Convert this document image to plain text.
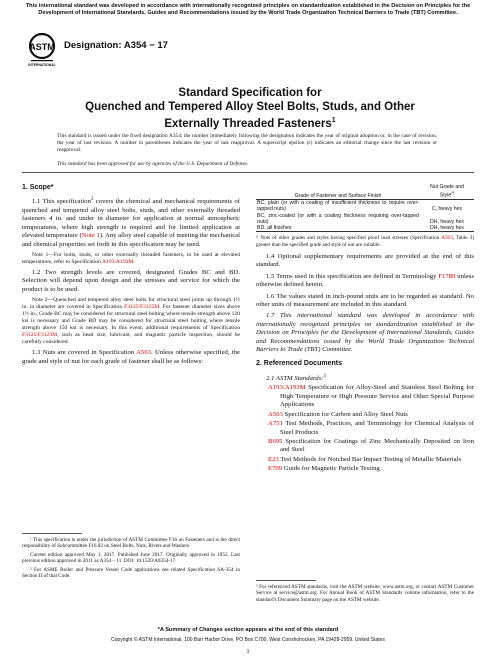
This international standard was developed in accordance with internationally recognized principles on standardization established in the Decision on Principles for the Development of International Standards, Guides and Recommendations issued by the World Trade Organization Technical Barriers to Trade (TBT) Committee.
ASTM
INTERNATIONAL
Designation: A354 − 17
Standard Specification for
Quenched and Tempered Alloy Steel Bolts, Studs, and Other
Externally Threaded Fasteners$^1$
This standard is issued under the fixed designation A354; the number immediately following the designation indicates the year of original adoption or, in the case of revision, the year of last revision. A number in parentheses indicates the year of last reapproval. A superscript epsilon (ε) indicates an editorial change since the last revision or reapproval.
This standard has been approved for use by agencies of the U.S. Department of Defense.
1. Scope*

1.1 This specification$^2$ covers the chemical and mechanical requirements of quenched and tempered alloy steel bolts, studs, and other externally threaded fasteners 4 in. and under in diameter for application at normal atmospheric temperatures, where high strength is required and for limited application at elevated temperature (Note 1). Any alloy steel capable of meeting the mechanical and chemical properties set forth in this specification may be used.

Note 1—For bolts, studs, or other externally threaded fasteners, to be used at elevated temperatures, refer to Specification A193/A193M.

1.2 Two strength levels are covered, designated Grades BC and BD. Selection will depend upon design and the stresses and service for which the product is to be used.

Note 2—Quenched and tempered alloy steel bolts for structural steel joints up through 1½ in. in diameter are covered in Specification F3125/F3125M. For fastener diameter sizes above 1½ in., Grade BC may be considered for structural steel bolting where tensile strength above 120 ksi is necessary and Grade BD may be considered for structural steel bolting where tensile strength above 150 ksi is necessary. In this event, additional requirements of Specification F3125/F3125M, such as head size, lubricant, and magnetic particle inspection, should be carefully considered.

1.3 Nuts are covered in Specification A563. Unless otherwise specified, the grade and style of nut for each grade of fastener shall be as follows:

¹ This specification is under the jurisdiction of ASTM Committee F16 on Fasteners and is the direct responsibility of Subcommittee F16.02 on Steel Bolts, Nuts, Rivets and Washers.

Current edition approved May 1, 2017. Published June 2017. Originally approved in 1952. Last previous edition approved in 2011 as A354 – 11. DOI: 10.1520/A0354-17.

² For ASME Boiler and Pressure Vessel Code applications see related Specification SA-354 in Section II of that Code.

Grade of Fastener and Surface Finish	Nut Grade and
Style$^A$
BC, plain (or with a coating of insufficient thickness to require over-tapped nuts)	C, heavy hex
BC, zinc-coated (or with a coating thickness requiring over-tapped nuts)	DH, heavy hex
BD, all finishes	DH, heavy hex
ᴬ Nuts of other grades and styles having specified proof load stresses (Specification A563, Table 3) greater than the specified grade and style of nut are suitable.

1.4 Optional supplementary requirements are provided at the end of this standard.

1.5 Terms used in this specification are defined in Terminology F1789 unless otherwise defined herein.

1.6 The values stated in inch-pound units are to be regarded as standard. No other units of measurement are included in this standard.

1.7 This international standard was developed in accordance with internationally recognized principles on standardization established in the Decision on Principles for the Development of International Standards, Guides and Recommendations issued by the World Trade Organization Technical Barriers to Trade (TBT) Committee.

2. Referenced Documents

2.1 ASTM Standards:$^3$

A193/A193M Specification for Alloy-Steel and Stainless Steel Bolting for High Temperature or High Pressure Service and Other Special Purpose Applications
A563 Specification for Carbon and Alloy Steel Nuts
A751 Test Methods, Practices, and Terminology for Chemical Analysis of Steel Products
B695 Specification for Coatings of Zinc Mechanically Deposited on Iron and Steel
E23 Test Methods for Notched Bar Impact Testing of Metallic Materials
E709 Guide for Magnetic Particle Testing
³ For referenced ASTM standards, visit the ASTM website, www.astm.org, or contact ASTM Customer Service at service@astm.org. For Annual Book of ASTM Standards volume information, refer to the standard's Document Summary page on the ASTM website.
*A Summary of Changes section appears at the end of this standard
Copyright © ASTM International, 100 Barr Harbor Drive, PO Box C700, West Conshohocken, PA 19428-2959. United States
1
